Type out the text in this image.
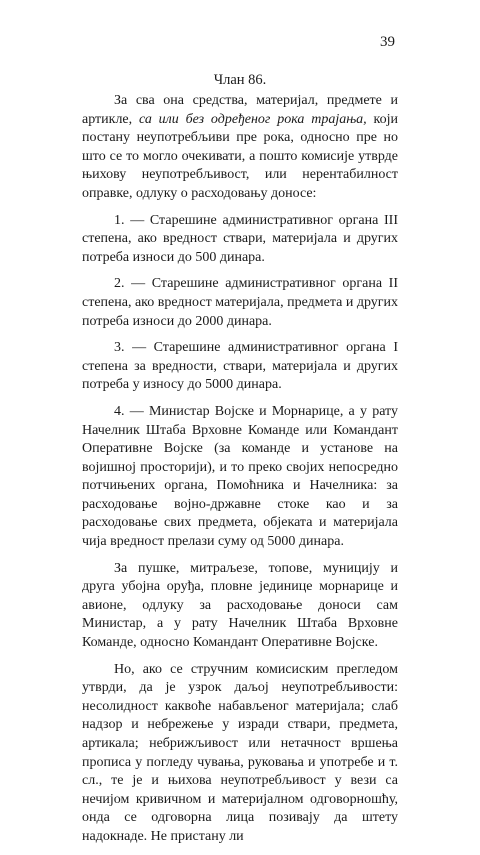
39
Члан 86.

За сва она средства, материјал, предмете и артикле, са или без одређеног рока трајања, који постану неупотребљиви пре рока, односно пре но што се то могло очекивати, а пошто комисије утврде њихову неупотребљивост, или нерентабилност оправке, одлуку о расходовању доносе:

1. — Старешине административног органа III степена, ако вредност ствари, материјала и других потреба износи до 500 динара.

2. — Старешине административног органа II степена, ако вредност материјала, предмета и других потреба износи до 2000 динара.

3. — Старешине административног органа I степена за вредности, ствари, материјала и других потреба у износу до 5000 динара.

4. — Министар Војске и Морнарице, а у рату Начелник Штаба Врховне Команде или Командант Оперативне Војске (за команде и установе на војишној просторији), и то преко својих непосредно потчињених органа, Помоћника и Начелника: за расходовање војно-државне стоке као и за расходовање свих предмета, објеката и материјала чија вредност прелази суму од 5000 динара.

За пушке, митраљезе, топове, муницију и друга убојна оруђа, пловне јединице морнарице и авионе, одлуку за расходовање доноси сам Министар, а у рату Начелник Штаба Врховне Команде, односно Командант Оперативне Војске.

Но, ако се стручним комисиским прегледом утврди, да је узрок даљој неупотребљивости: несолидност каквоће набављеног материјала; слаб надзор и небрежење у изради ствари, предмета, артикала; небрижљивост или нетачност вршења прописа у погледу чувања, руковања и употребе и т. сл., те је и њихова неупотребљивост у вези са нечијом кривичном и материјалном одговорношћу, онда се одговорна лица позивају да штету надокнаде. Не пристану ли
